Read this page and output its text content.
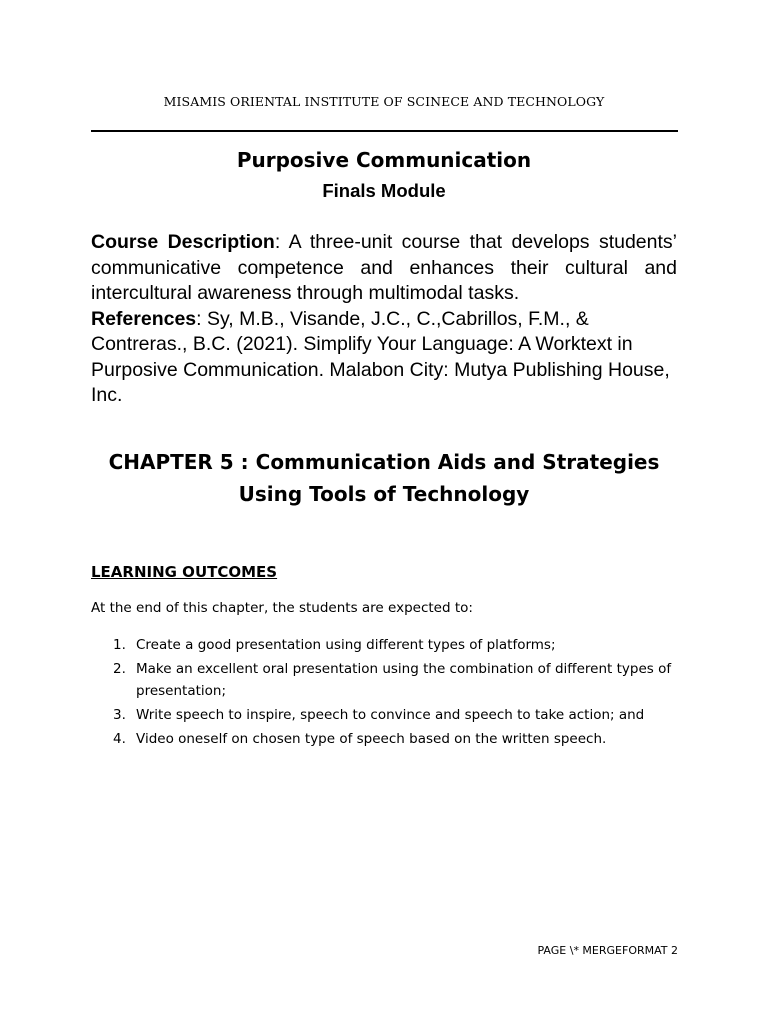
MISAMIS ORIENTAL INSTITUTE OF SCINECE AND TECHNOLOGY
Purposive Communication
Finals Module

Course Description: A three-unit course that develops students’ communicative competence and enhances their cultural and intercultural awareness through multimodal tasks.

References: Sy, M.B., Visande, J.C., C.,Cabrillos, F.M., & Contreras., B.C. (2021). Simplify Your Language: A Worktext in Purposive Communication. Malabon City: Mutya Publishing House, Inc.

CHAPTER 5 : Communication Aids and Strategies Using Tools of Technology
LEARNING OUTCOMES
At the end of this chapter, the students are expected to:
1. Create a good presentation using different types of platforms;
2. Make an excellent oral presentation using the combination of different types of presentation;
3. Write speech to inspire, speech to convince and speech to take action; and
4. Video oneself on chosen type of speech based on the written speech.
PAGE \* MERGEFORMAT 2
